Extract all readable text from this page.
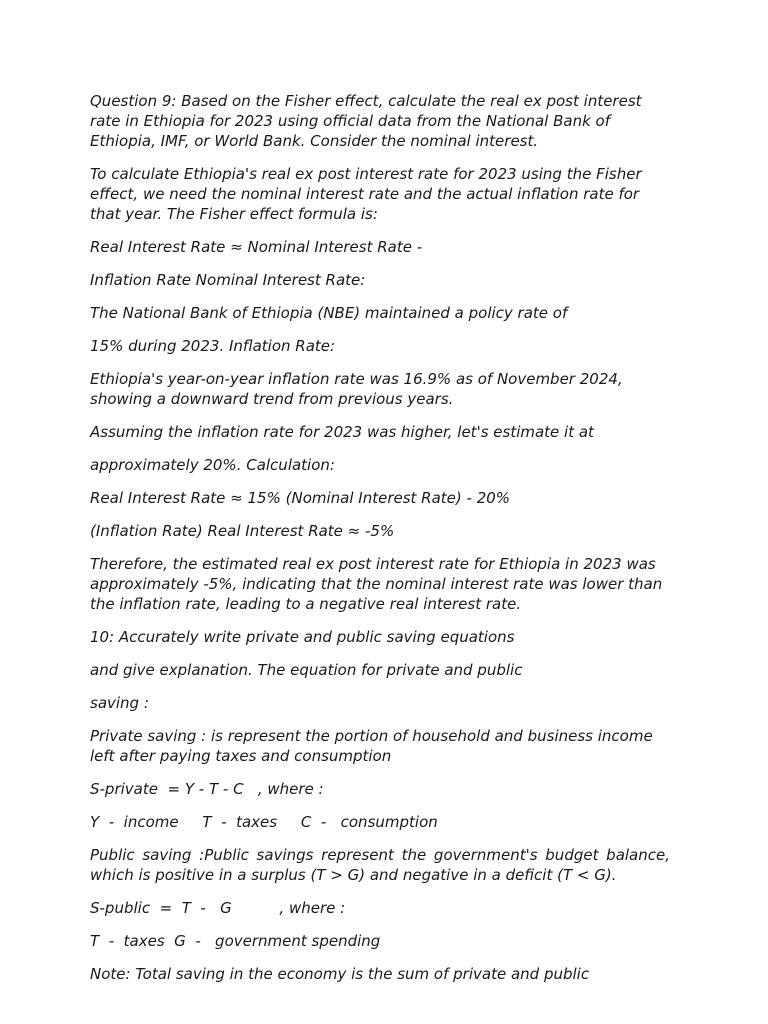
Question 9: Based on the Fisher effect, calculate the real ex post interest rate in Ethiopia for 2023 using official data from the National Bank of Ethiopia, IMF, or World Bank. Consider the nominal interest.

To calculate Ethiopia's real ex post interest rate for 2023 using the Fisher effect, we need the nominal interest rate and the actual inflation rate for that year. The Fisher effect formula is:

Real Interest Rate ≈ Nominal Interest Rate -

Inflation Rate Nominal Interest Rate:

The National Bank of Ethiopia (NBE) maintained a policy rate of

15% during 2023. Inflation Rate:

Ethiopia's year-on-year inflation rate was 16.9% as of November 2024, showing a downward trend from previous years.

Assuming the inflation rate for 2023 was higher, let's estimate it at

approximately 20%. Calculation:

Real Interest Rate ≈ 15% (Nominal Interest Rate) - 20%

(Inflation Rate) Real Interest Rate ≈ -5%

Therefore, the estimated real ex post interest rate for Ethiopia in 2023 was approximately -5%, indicating that the nominal interest rate was lower than the inflation rate, leading to a negative real interest rate.

10: Accurately write private and public saving equations

and give explanation. The equation for private and public

saving :

Private saving : is represent the portion of household and business income left after paying taxes and consumption

S-private  = Y - T - C   , where :

Y  -  income     T  -  taxes     C  -   consumption

Public saving :Public savings represent the government's budget balance, which is positive in a surplus (T > G) and negative in a deficit (T < G).

S-public  =  T  -   G          , where :

T  -  taxes  G  -   government spending

Note: Total saving in the economy is the sum of private and public
